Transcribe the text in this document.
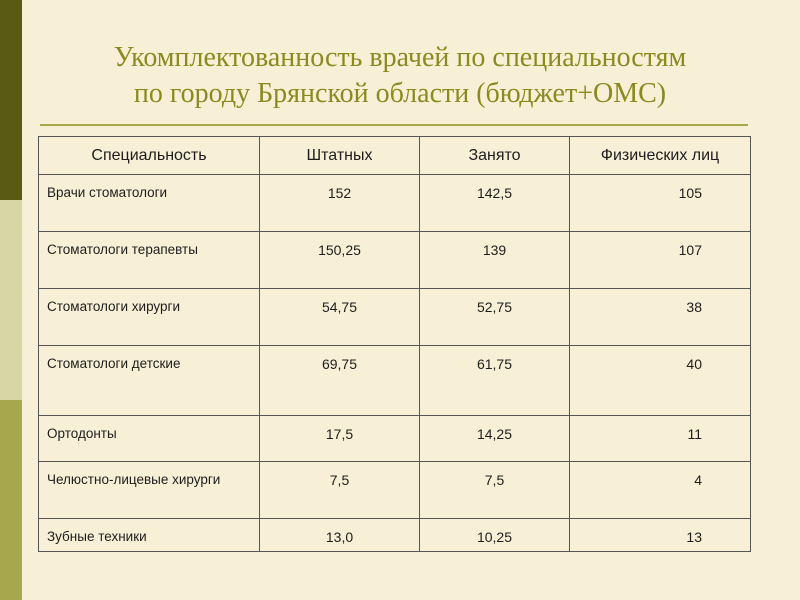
Укомплектованность врачей по специальностям
по городу Брянской области (бюджет+ОМС)
Специальность	Штатных	Занято	Физических лиц
Врачи стоматологи	152	142,5	105
Стоматологи терапевты	150,25	139	107
Стоматологи хирурги	54,75	52,75	38
Стоматологи детские	69,75	61,75	40
Ортодонты	17,5	14,25	11
Челюстно-лицевые хирурги	7,5	7,5	4
Зубные техники	13,0	10,25	13
